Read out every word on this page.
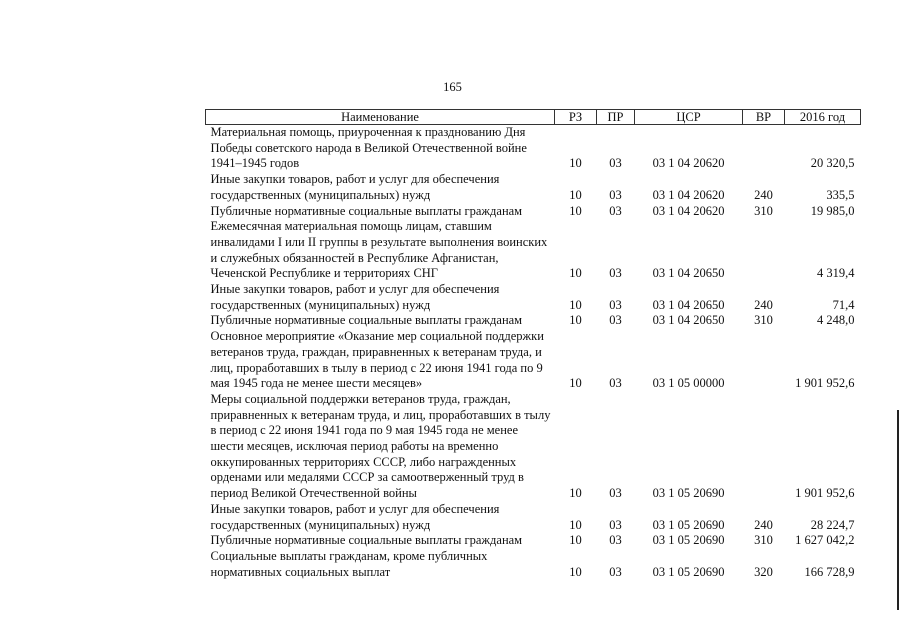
165
Наименование	РЗ	ПР	ЦСР	ВР	2016 год
Материальная помощь, приуроченная к празднованию Дня Победы советского народа в Великой Отечественной войне 1941–1945 годов	10	03	03 1 04 20620		20 320,5
Иные закупки товаров, работ и услуг для обеспечения государственных (муниципальных) нужд	10	03	03 1 04 20620	240	335,5
Публичные нормативные социальные выплаты гражданам	10	03	03 1 04 20620	310	19 985,0
Ежемесячная материальная помощь лицам, ставшим инвалидами I или II группы в результате выполнения воинских и служебных обязанностей в Республике Афганистан, Чеченской Республике и территориях СНГ	10	03	03 1 04 20650		4 319,4
Иные закупки товаров, работ и услуг для обеспечения государственных (муниципальных) нужд	10	03	03 1 04 20650	240	71,4
Публичные нормативные социальные выплаты гражданам	10	03	03 1 04 20650	310	4 248,0
Основное мероприятие «Оказание мер социальной поддержки ветеранов труда, граждан, приравненных к ветеранам труда, и лиц, проработавших в тылу в период с 22 июня 1941 года по 9 мая 1945 года не менее шести месяцев»	10	03	03 1 05 00000		1 901 952,6
Меры социальной поддержки ветеранов труда, граждан, приравненных к ветеранам труда, и лиц, проработавших в тылу в период с 22 июня 1941 года по 9 мая 1945 года не менее шести месяцев, исключая период работы на временно оккупированных территориях СССР, либо награжденных орденами или медалями СССР за самоотверженный труд в период Великой Отечественной войны	10	03	03 1 05 20690		1 901 952,6
Иные закупки товаров, работ и услуг для обеспечения государственных (муниципальных) нужд	10	03	03 1 05 20690	240	28 224,7
Публичные нормативные социальные выплаты гражданам	10	03	03 1 05 20690	310	1 627 042,2
Социальные выплаты гражданам, кроме публичных нормативных социальных выплат	10	03	03 1 05 20690	320	166 728,9
